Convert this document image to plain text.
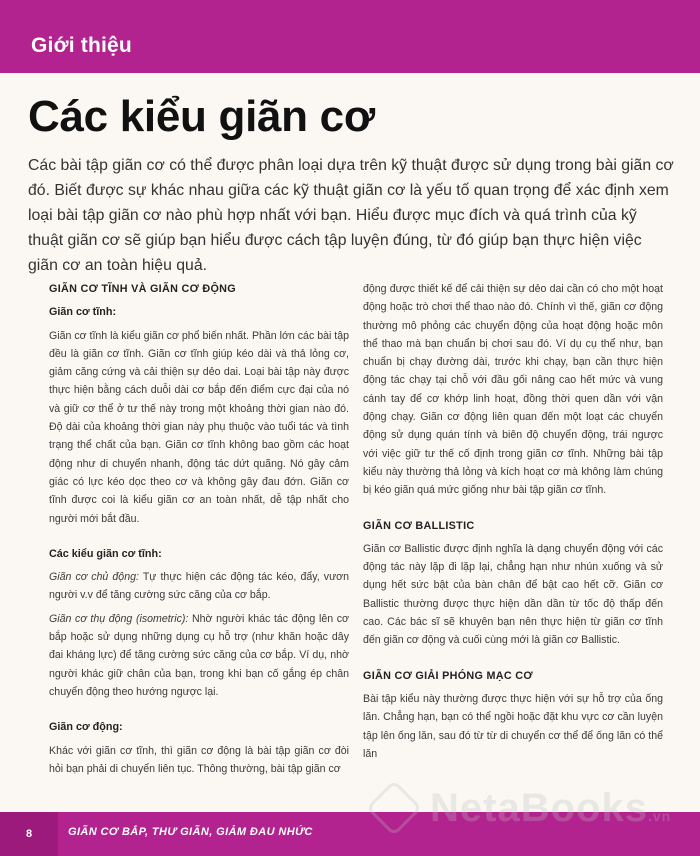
Giới thiệu
Các kiểu giãn cơ

Các bài tập giãn cơ có thể được phân loại dựa trên kỹ thuật được sử dụng trong bài giãn cơ đó. Biết được sự khác nhau giữa các kỹ thuật giãn cơ là yếu tố quan trọng để xác định xem loại bài tập giãn cơ nào phù hợp nhất với bạn. Hiểu được mục đích và quá trình của kỹ thuật giãn cơ sẽ giúp bạn hiểu được cách tập luyện đúng, từ đó giúp bạn thực hiện việc giãn cơ an toàn hiệu quả.

GIÃN CƠ TĨNH VÀ GIÃN CƠ ĐỘNG

Giãn cơ tĩnh:

Giãn cơ tĩnh là kiểu giãn cơ phổ biến nhất. Phần lớn các bài tập đều là giãn cơ tĩnh. Giãn cơ tĩnh giúp kéo dài và thả lỏng cơ, giảm căng cứng và cải thiện sự dẻo dai. Loại bài tập này được thực hiện bằng cách duỗi dài cơ bắp đến điểm cực đại của nó và giữ cơ thể ở tư thế này trong một khoảng thời gian nào đó. Độ dài của khoảng thời gian này phụ thuộc vào tuổi tác và tình trạng thể chất của bạn. Giãn cơ tĩnh không bao gồm các hoạt động như di chuyển nhanh, động tác dứt quãng. Nó gây cảm giác có lực kéo dọc theo cơ và không gây đau đớn. Giãn cơ tĩnh được coi là kiểu giãn cơ an toàn nhất, dễ tập nhất cho người mới bắt đầu.

Các kiểu giãn cơ tĩnh:

Giãn cơ chủ động: Tự thực hiện các động tác kéo, đẩy, vươn người v.v để tăng cường sức căng của cơ bắp.

Giãn cơ thụ động (isometric): Nhờ người khác tác động lên cơ bắp hoặc sử dụng những dụng cụ hỗ trợ (như khăn hoặc dây đai kháng lực) để tăng cường sức căng của cơ bắp. Ví dụ, nhờ người khác giữ chân của bạn, trong khi bạn cố gắng ép chân chuyển động theo hướng ngược lại.

Giãn cơ động:

Khác với giãn cơ tĩnh, thì giãn cơ động là bài tập giãn cơ đòi hỏi bạn phải di chuyển liên tục. Thông thường, bài tập giãn cơ

động được thiết kế để cải thiện sự dẻo dai cần có cho một hoạt động hoặc trò chơi thể thao nào đó. Chính vì thế, giãn cơ động thường mô phỏng các chuyển động của hoạt động hoặc môn thể thao mà bạn chuẩn bị chơi sau đó. Ví dụ cụ thể như, bạn chuẩn bị chạy đường dài, trước khi chạy, bạn cần thực hiện động tác chạy tại chỗ với đầu gối nâng cao hết mức và vung cánh tay để cơ khớp linh hoạt, đồng thời quen dần với vận động chạy. Giãn cơ động liên quan đến một loạt các chuyển động sử dụng quán tính và biên độ chuyển động, trái ngược với việc giữ tư thế cố định trong giãn cơ tĩnh. Những bài tập kiểu này thường thả lỏng và kích hoạt cơ mà không làm chúng bị kéo giãn quá mức giống như bài tập giãn cơ tĩnh.

GIÃN CƠ BALLISTIC

Giãn cơ Ballistic được định nghĩa là dạng chuyển động với các động tác này lặp đi lặp lại, chẳng hạn như nhún xuống và sử dụng hết sức bật của bàn chân để bật cao hết cỡ. Giãn cơ Ballistic thường được thực hiện dần dần từ tốc độ thấp đến cao. Các bác sĩ sẽ khuyên bạn nên thực hiện từ giãn cơ tĩnh đến giãn cơ động và cuối cùng mới là giãn cơ Ballistic.

GIÃN CƠ GIẢI PHÓNG MẠC CƠ

Bài tập kiểu này thường được thực hiện với sự hỗ trợ của ống lăn. Chẳng hạn, bạn có thể ngồi hoặc đặt khu vực cơ cần luyện tập lên ống lăn, sau đó từ từ di chuyển cơ thể để ống lăn có thể lăn

8	GIÃN CƠ BẮP, THƯ GIÃN, GIẢM ĐAU NHỨC
NetaBooks.vn
